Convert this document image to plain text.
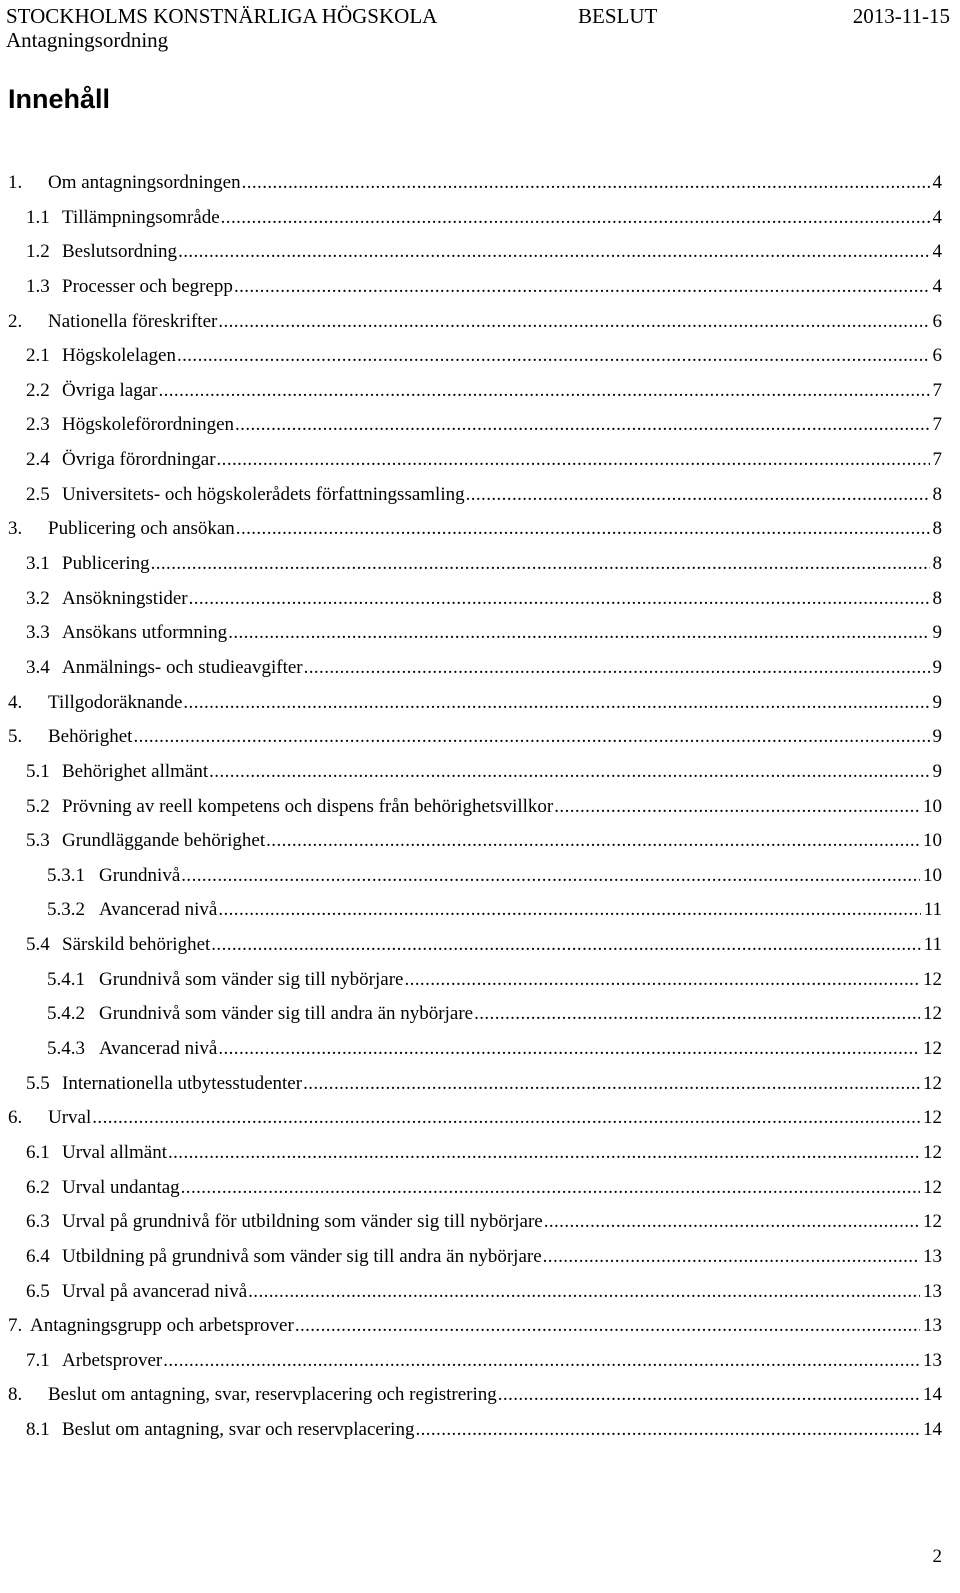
STOCKHOLMS KONSTNÄRLIGA HÖGSKOLA	BESLUT	2013-11-15
Antagningsordning
Innehåll
1.	Om antagningsordningen .....	4
1.1 Tillämpningsområde .....	4
1.2 Beslutsordning .....	4
1.3 Processer och begrepp .....	4
2.	Nationella föreskrifter .....	6
2.1 Högskolelagen .....	6
2.2 Övriga lagar .....	7
2.3 Högskoleförordningen .....	7
2.4 Övriga förordningar .....	7
2.5 Universitets- och högskolerådets författningssamling .....	8
3.	Publicering och ansökan .....	8
3.1 Publicering .....	8
3.2 Ansökningstider .....	8
3.3 Ansökans utformning .....	9
3.4 Anmälnings- och studieavgifter .....	9
4.	Tillgodoräknande .....	9
5.	Behörighet .....	9
5.1 Behörighet allmänt .....	9
5.2 Prövning av reell kompetens och dispens från behörighetsvillkor .....	10
5.3 Grundläggande behörighet .....	10
5.3.1 Grundnivå .....	10
5.3.2 Avancerad nivå .....	11
5.4 Särskild behörighet .....	11
5.4.1 Grundnivå som vänder sig till nybörjare .....	12
5.4.2 Grundnivå som vänder sig till andra än nybörjare .....	12
5.4.3 Avancerad nivå .....	12
5.5 Internationella utbytesstudenter .....	12
6.	Urval .....	12
6.1 Urval allmänt .....	12
6.2 Urval undantag .....	12
6.3 Urval på grundnivå för utbildning som vänder sig till nybörjare .....	12
6.4 Utbildning på grundnivå som vänder sig till andra än nybörjare .....	13
6.5 Urval på avancerad nivå .....	13
7. Antagningsgrupp och arbetsprover .....	13
7.1 Arbetsprover .....	13
8.	Beslut om antagning, svar, reservplacering och registrering .....	14
8.1 Beslut om antagning, svar och reservplacering .....	14
2
